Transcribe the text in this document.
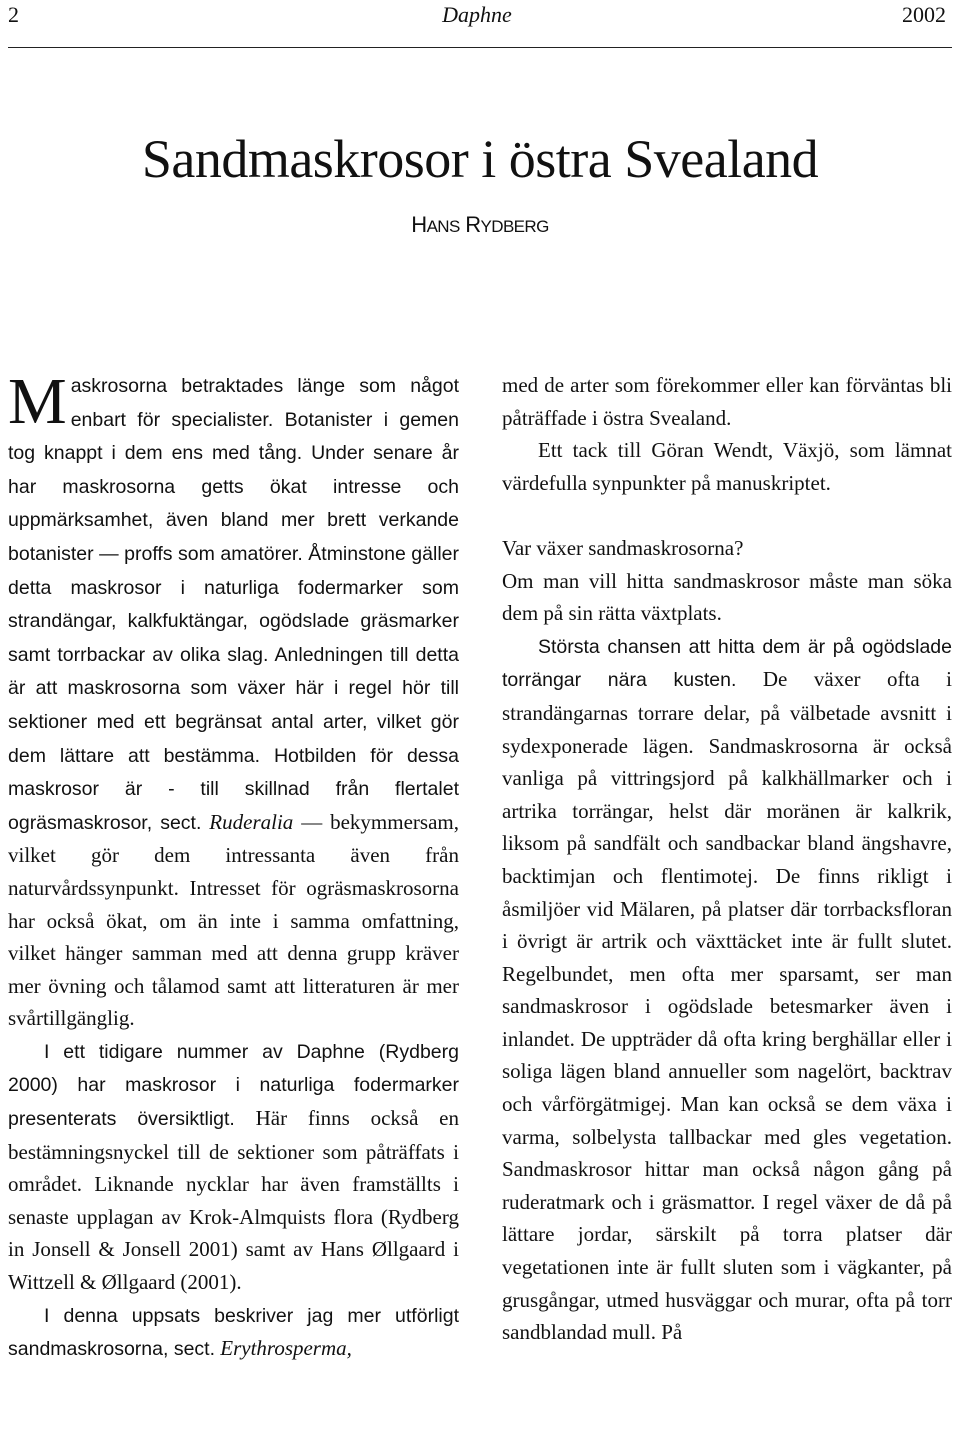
2	Daphne	2002
Sandmaskrosor i östra Svealand
HANS RYDBERG

Maskrosorna betraktades länge som något enbart för specialister. Botanister i gemen tog knappt i dem ens med tång. Under senare år har maskrosorna getts ökat intresse och uppmärksamhet, även bland mer brett verkande botanister — proffs som amatörer. Åtminstone gäller detta maskrosor i naturliga fodermarker som strandängar, kalkfuktängar, ogödslade gräsmarker samt torrbackar av olika slag. Anledningen till detta är att maskrosorna som växer här i regel hör till sektioner med ett begränsat antal arter, vilket gör dem lättare att bestämma. Hotbilden för dessa maskrosor är - till skillnad från flertalet ogräsmaskrosor, sect. Ruderalia — bekymmersam, vilket gör dem intressanta även från naturvårdssynpunkt. Intresset för ogräsmaskrosorna har också ökat, om än inte i samma omfattning, vilket hänger samman med att denna grupp kräver mer övning och tålamod samt att litteraturen är mer svårtillgänglig.

I ett tidigare nummer av Daphne (Rydberg 2000) har maskrosor i naturliga fodermarker presenterats översiktligt. Här finns också en bestämningsnyckel till de sektioner som påträffats i området. Liknande nycklar har även framställts i senaste upplagan av Krok-Almquists flora (Rydberg in Jonsell & Jonsell 2001) samt av Hans Øllgaard i Wittzell & Øllgaard (2001).

I denna uppsats beskriver jag mer utförligt sandmaskrosorna, sect. Erythrosperma,

med de arter som förekommer eller kan förväntas bli påträffade i östra Svealand.

Ett tack till Göran Wendt, Växjö, som lämnat värdefulla synpunkter på manuskriptet.

Var växer sandmaskrosorna?

Om man vill hitta sandmaskrosor måste man söka dem på sin rätta växtplats.

Största chansen att hitta dem är på ogödslade torrängar nära kusten. De växer ofta i strandängarnas torrare delar, på välbetade avsnitt i sydexponerade lägen. Sandmaskrosorna är också vanliga på vittringsjord på kalkhällmarker och i artrika torrängar, helst där moränen är kalkrik, liksom på sandfält och sandbackar bland ängshavre, backtimjan och flentimotej. De finns rikligt i åsmiljöer vid Mälaren, på platser där torrbacksfloran i övrigt är artrik och växttäcket inte är fullt slutet. Regelbundet, men ofta mer sparsamt, ser man sandmaskrosor i ogödslade betesmarker även i inlandet. De uppträder då ofta kring berghällar eller i soliga lägen bland annueller som nagelört, backtrav och vårförgätmigej. Man kan också se dem växa i varma, solbelysta tallbackar med gles vegetation. Sandmaskrosor hittar man också någon gång på ruderatmark och i gräsmattor. I regel växer de då på lättare jordar, särskilt på torra platser där vegetationen inte är fullt sluten som i vägkanter, på grusgångar, utmed husväggar och murar, ofta på torr sandblandad mull. På
